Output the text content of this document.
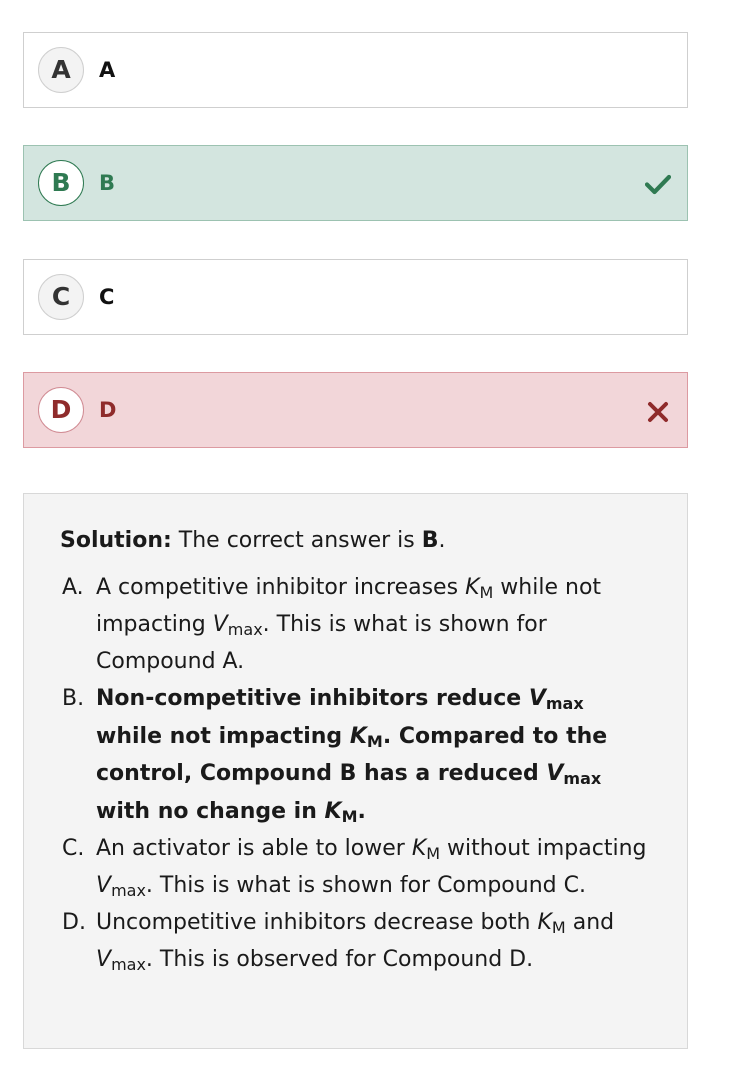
A	A
B	B
C	C
D	D

Solution: The correct answer is B.

A. A competitive inhibitor increases $K_M$ while not impacting $V_{max}$. This is what is shown for Compound A.
B. Non-competitive inhibitors reduce $V_{max}$ while not impacting $K_M$. Compared to the control, Compound B has a reduced $V_{max}$ with no change in $K_M$.
C. An activator is able to lower $K_M$ without impacting $V_{max}$. This is what is shown for Compound C.
D. Uncompetitive inhibitors decrease both $K_M$ and $V_{max}$. This is observed for Compound D.
